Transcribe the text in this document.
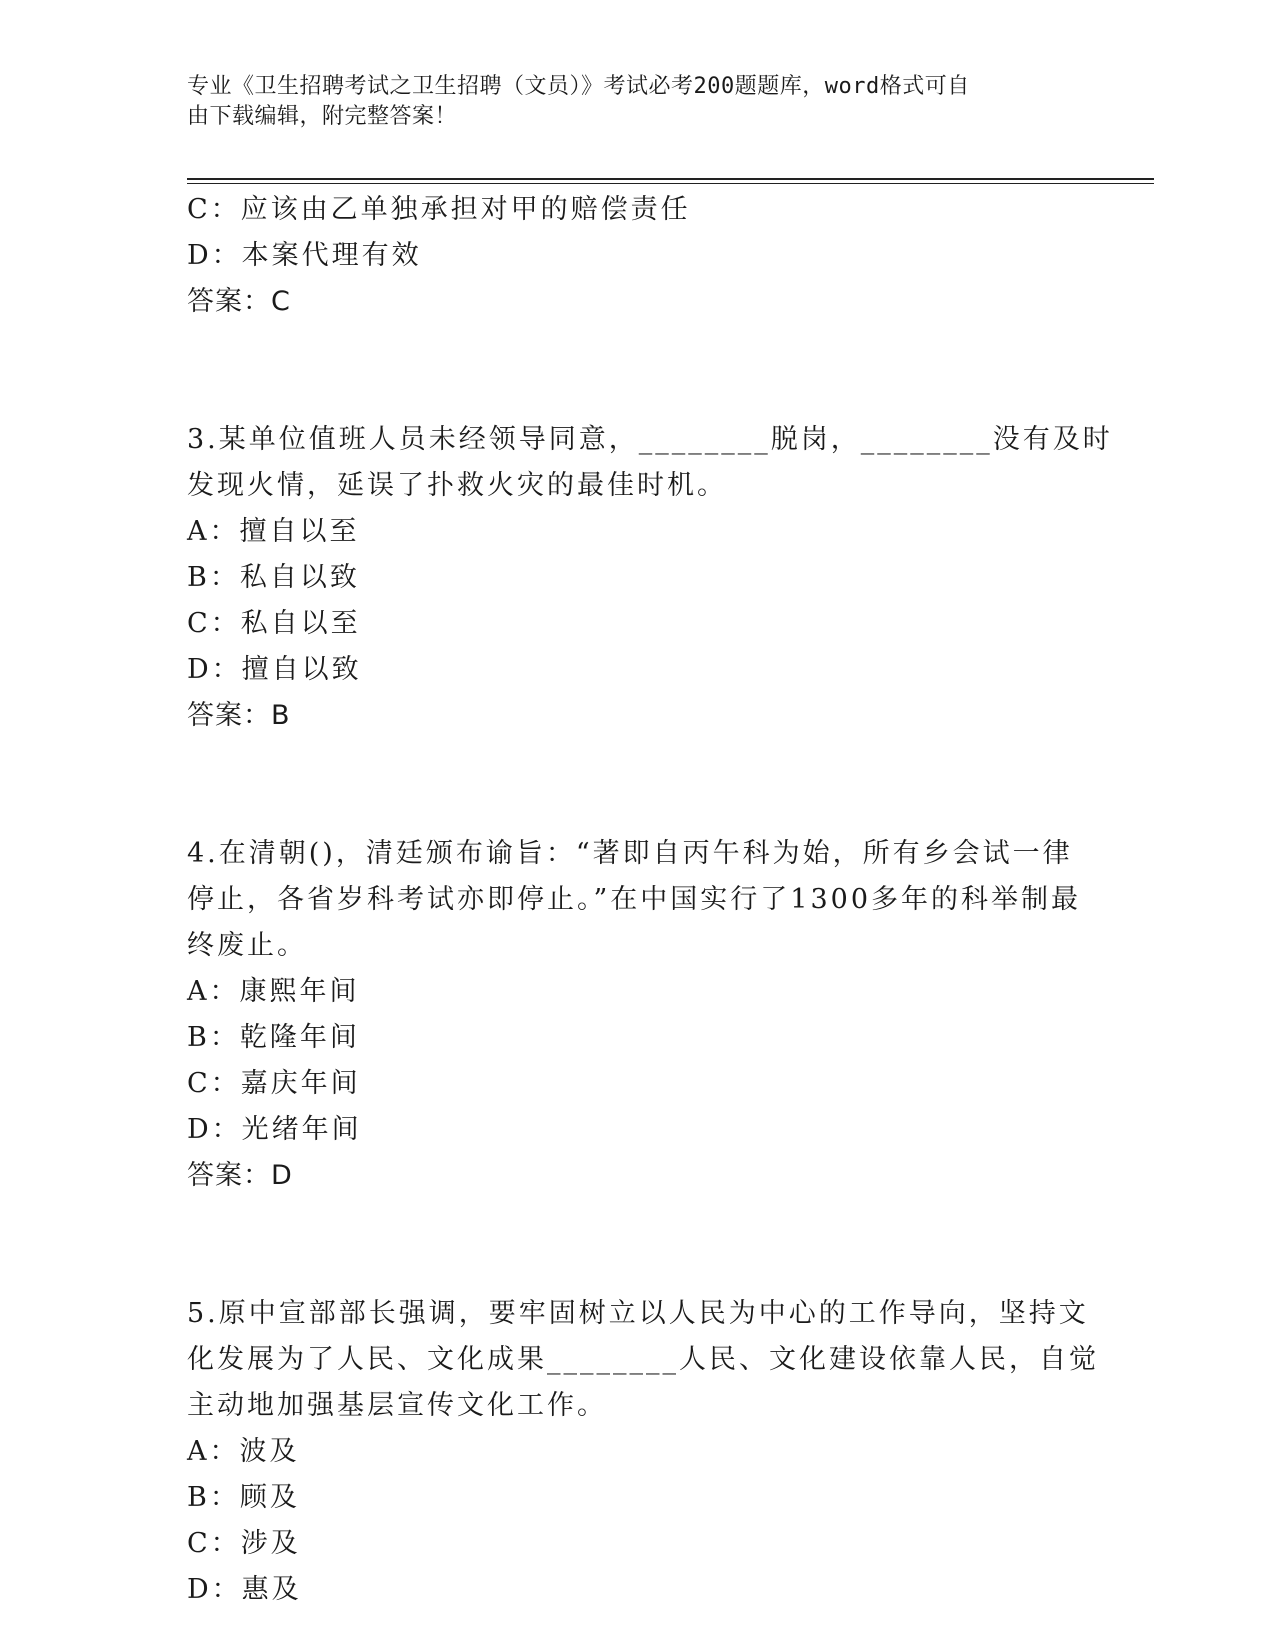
专业《卫生招聘考试之卫生招聘（文员）》考试必考200题题库，word格式可自
由下载编辑，附完整答案！
C：应该由乙单独承担对甲的赔偿责任
D：本案代理有效
答案：C
3.某单位值班人员未经领导同意，________脱岗，________没有及时
发现火情，延误了扑救火灾的最佳时机。
A：擅自以至
B：私自以致
C：私自以至
D：擅自以致
答案：B
4.在清朝()，清廷颁布谕旨：“著即自丙午科为始，所有乡会试一律
停止，各省岁科考试亦即停止。”在中国实行了1300多年的科举制最
终废止。
A：康熙年间
B：乾隆年间
C：嘉庆年间
D：光绪年间
答案：D
5.原中宣部部长强调，要牢固树立以人民为中心的工作导向，坚持文
化发展为了人民、文化成果________人民、文化建设依靠人民，自觉
主动地加强基层宣传文化工作。
A：波及
B：顾及
C：涉及
D：惠及
